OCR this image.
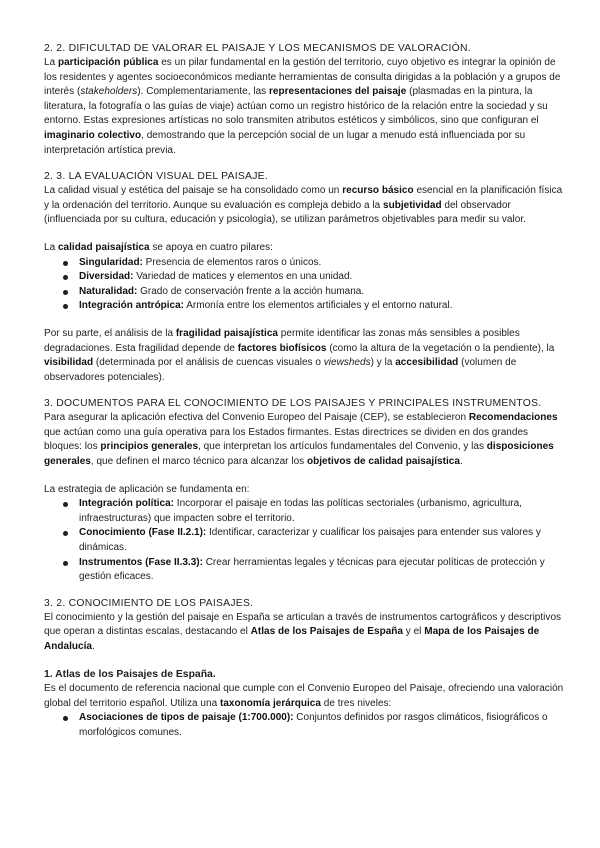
2. 2. DIFICULTAD DE VALORAR EL PAISAJE Y LOS MECANISMOS DE VALORACIÓN.

La participación pública es un pilar fundamental en la gestión del territorio, cuyo objetivo es integrar la opinión de los residentes y agentes socioeconómicos mediante herramientas de consulta dirigidas a la población y a grupos de interés (stakeholders). Complementariamente, las representaciones del paisaje (plasmadas en la pintura, la literatura, la fotografía o las guías de viaje) actúan como un registro histórico de la relación entre la sociedad y su entorno. Estas expresiones artísticas no solo transmiten atributos estéticos y simbólicos, sino que configuran el imaginario colectivo, demostrando que la percepción social de un lugar a menudo está influenciada por su interpretación artística previa.

2. 3. LA EVALUACIÓN VISUAL DEL PAISAJE.

La calidad visual y estética del paisaje se ha consolidado como un recurso básico esencial en la planificación física y la ordenación del territorio. Aunque su evaluación es compleja debido a la subjetividad del observador (influenciada por su cultura, educación y psicología), se utilizan parámetros objetivables para medir su valor.

La calidad paisajística se apoya en cuatro pilares:

Singularidad: Presencia de elementos raros o únicos.
Diversidad: Variedad de matices y elementos en una unidad.
Naturalidad: Grado de conservación frente a la acción humana.
Integración antrópica: Armonía entre los elementos artificiales y el entorno natural.

Por su parte, el análisis de la fragilidad paisajística permite identificar las zonas más sensibles a posibles degradaciones. Esta fragilidad depende de factores biofísicos (como la altura de la vegetación o la pendiente), la visibilidad (determinada por el análisis de cuencas visuales o viewsheds) y la accesibilidad (volumen de observadores potenciales).

3. DOCUMENTOS PARA EL CONOCIMIENTO DE LOS PAISAJES Y PRINCIPALES INSTRUMENTOS.

Para asegurar la aplicación efectiva del Convenio Europeo del Paisaje (CEP), se establecieron Recomendaciones que actúan como una guía operativa para los Estados firmantes. Estas directrices se dividen en dos grandes bloques: los principios generales, que interpretan los artículos fundamentales del Convenio, y las disposiciones generales, que definen el marco técnico para alcanzar los objetivos de calidad paisajística.

La estrategia de aplicación se fundamenta en:

Integración política: Incorporar el paisaje en todas las políticas sectoriales (urbanismo, agricultura, infraestructuras) que impacten sobre el territorio.
Conocimiento (Fase II.2.1): Identificar, caracterizar y cualificar los paisajes para entender sus valores y dinámicas.
Instrumentos (Fase II.3.3): Crear herramientas legales y técnicas para ejecutar políticas de protección y gestión eficaces.

3. 2. CONOCIMIENTO DE LOS PAISAJES.

El conocimiento y la gestión del paisaje en España se articulan a través de instrumentos cartográficos y descriptivos que operan a distintas escalas, destacando el Atlas de los Paisajes de España y el Mapa de los Paisajes de Andalucía.

1. Atlas de los Paisajes de España.

Es el documento de referencia nacional que cumple con el Convenio Europeo del Paisaje, ofreciendo una valoración global del territorio español. Utiliza una taxonomía jerárquica de tres niveles:

Asociaciones de tipos de paisaje (1:700.000): Conjuntos definidos por rasgos climáticos, fisiográficos o morfológicos comunes.
